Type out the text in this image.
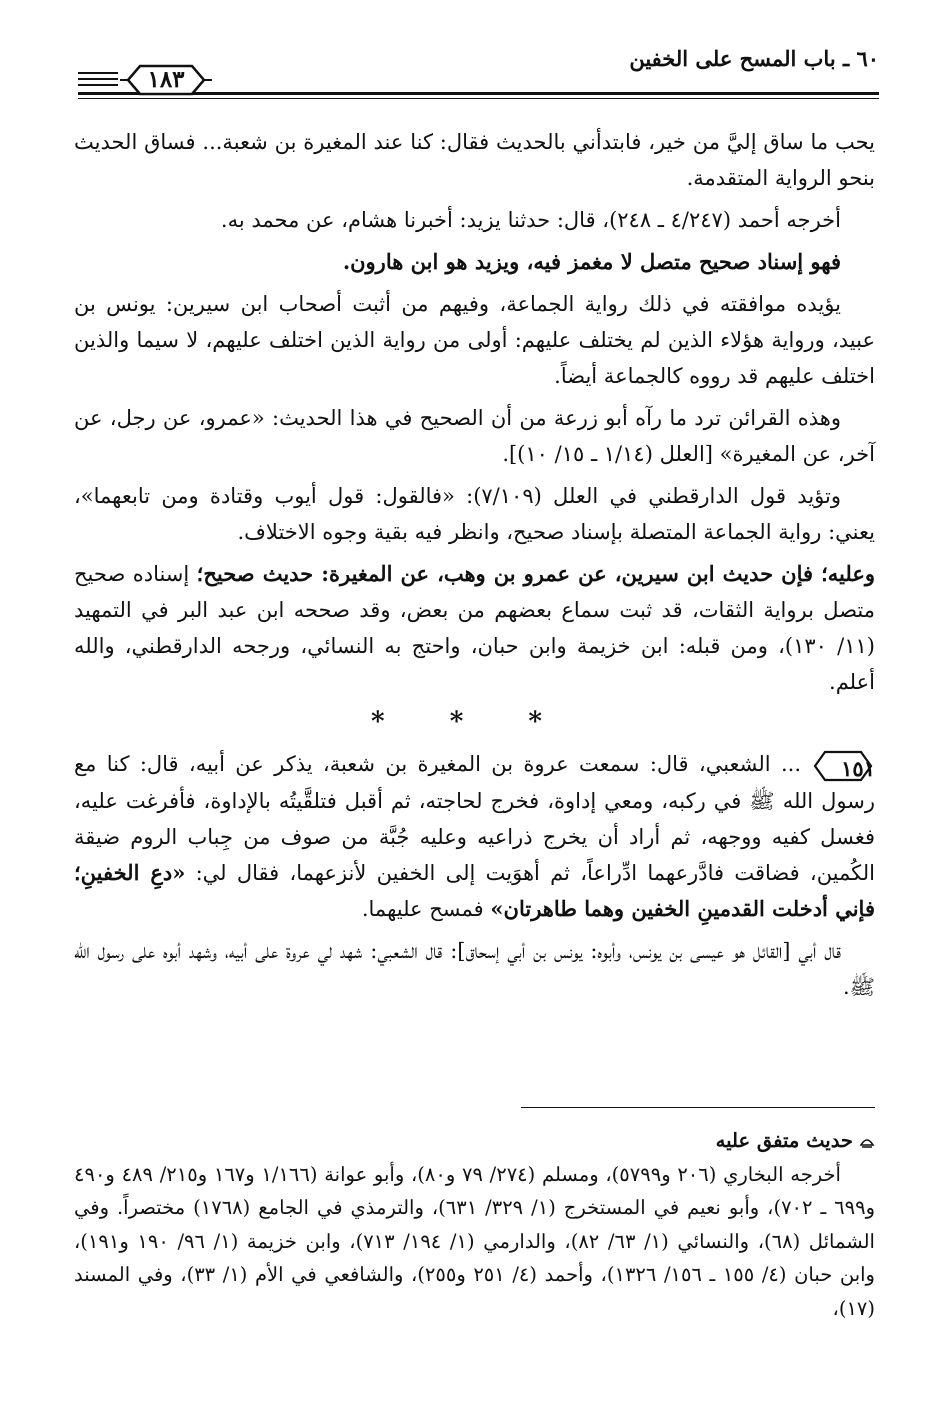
٦٠ ـ باب المسح على الخفين
١٨٣

يحب ما ساق إليَّ من خير، فابتدأني بالحديث فقال: كنا عند المغيرة بن شعبة... فساق الحديث بنحو الرواية المتقدمة.

أخرجه أحمد (٤/٢٤٧ ـ ٢٤٨)، قال: حدثنا يزيد: أخبرنا هشام، عن محمد به.

فهو إسناد صحيح متصل لا مغمز فيه، ويزيد هو ابن هارون.

يؤيده موافقته في ذلك رواية الجماعة، وفيهم من أثبت أصحاب ابن سيرين: يونس بن عبيد، ورواية هؤلاء الذين لم يختلف عليهم: أولى من رواية الذين اختلف عليهم، لا سيما والذين اختلف عليهم قد رووه كالجماعة أيضاً.

وهذه القرائن ترد ما رآه أبو زرعة من أن الصحيح في هذا الحديث: «عمرو، عن رجل، عن آخر، عن المغيرة» [العلل (١/١٤ ـ ١٥/ ١٠)].

وتؤيد قول الدارقطني في العلل (٧/١٠٩): «فالقول: قول أيوب وقتادة ومن تابعهما»، يعني: رواية الجماعة المتصلة بإسناد صحيح، وانظر فيه بقية وجوه الاختلاف.

وعليه؛ فإن حديث ابن سيرين، عن عمرو بن وهب، عن المغيرة: حديث صحيح؛ إسناده صحيح متصل برواية الثقات، قد ثبت سماع بعضهم من بعض، وقد صححه ابن عبد البر في التمهيد (١١/ ١٣٠)، ومن قبله: ابن خزيمة وابن حبان، واحتج به النسائي، ورجحه الدارقطني، والله أعلم.

* * *

١٥١
... الشعبي، قال: سمعت عروة بن المغيرة بن شعبة، يذكر عن أبيه، قال: كنا مع رسول الله ﷺ في ركبه، ومعي إداوة، فخرج لحاجته، ثم أقبل فتلقَّيتُه بالإداوة، فأفرغت عليه، فغسل كفيه ووجهه، ثم أراد أن يخرج ذراعيه وعليه جُبَّة من صوف من جِباب الروم ضيقة الكُمين، فضاقت فادَّرعهما ادِّراعاً، ثم أهوَيت إلى الخفين لأنزعهما، فقال لي: «دعِ الخفينِ؛ فإني أدخلت القدمينِ الخفين وهما طاهرتان» فمسح عليهما.

قال أبي [القائل هو عيسى بن يونس، وأبوه: يونس بن أبي إسحاق]: قال الشعبي: شهد لي عروة على أبيه، وشهد أبوه على رسول الله ﷺ.

حديث متفق عليه

أخرجه البخاري (٢٠٦ و٥٧٩٩)، ومسلم (٢٧٤/ ٧٩ و٨٠)، وأبو عوانة (١/١٦٦ و١٦٧ و٢١٥/ ٤٨٩ و٤٩٠ و٦٩٩ ـ ٧٠٢)، وأبو نعيم في المستخرج (١/ ٣٢٩/ ٦٣١)، والترمذي في الجامع (١٧٦٨) مختصراً. وفي الشمائل (٦٨)، والنسائي (١/ ٦٣/ ٨٢)، والدارمي (١/ ١٩٤/ ٧١٣)، وابن خزيمة (١/ ٩٦/ ١٩٠ و١٩١)، وابن حبان (٤/ ١٥٥ ـ ١٥٦/ ١٣٢٦)، وأحمد (٤/ ٢٥١ و٢٥٥)، والشافعي في الأم (١/ ٣٣)، وفي المسند (١٧)،
